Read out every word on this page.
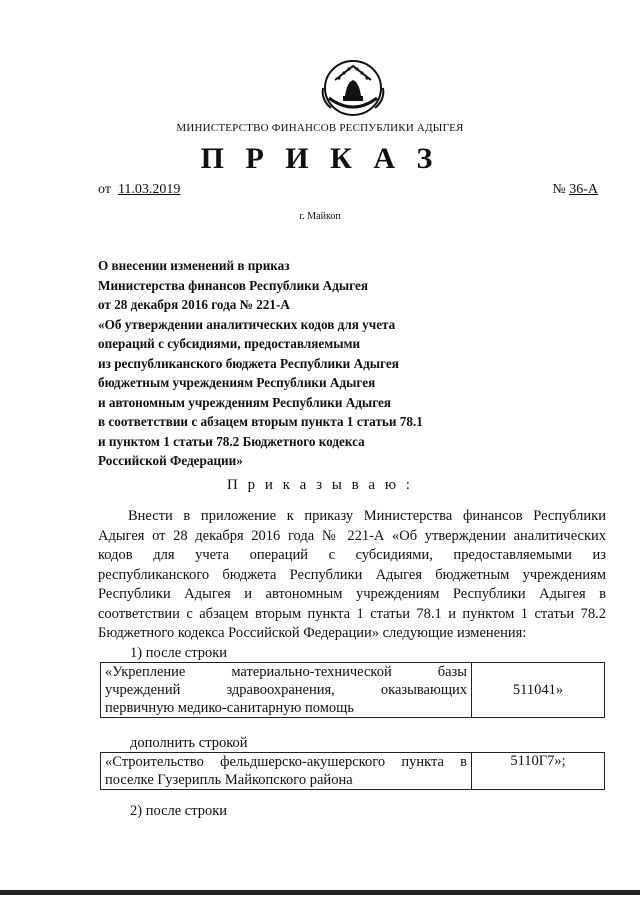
МИНИСТЕРСТВО ФИНАНСОВ РЕСПУБЛИКИ АДЫГЕЯ
П Р И К А З
от 11.03.2019	№ 36-А
г. Майкоп
О внесении изменений в приказ
Министерства финансов Республики Адыгея
от 28 декабря 2016 года № 221-А
«Об утверждении аналитических кодов для учета
операций с субсидиями, предоставляемыми
из республиканского бюджета Республики Адыгея
бюджетным учреждениям Республики Адыгея
и автономным учреждениям Республики Адыгея
в соответствии с абзацем вторым пункта 1 статьи 78.1
и пунктом 1 статьи 78.2 Бюджетного кодекса
Российской Федерации»
П р и к а з ы в а ю :
Внести в приложение к приказу Министерства финансов Республики
Адыгея от 28 декабря 2016 года № 221-А «Об утверждении аналитических
кодов для учета операций с субсидиями, предоставляемыми из
республиканского бюджета Республики Адыгея бюджетным учреждениям
Республики Адыгея и автономным учреждениям Республики Адыгея в
соответствии с абзацем вторым пункта 1 статьи 78.1 и пунктом 1 статьи 78.2
Бюджетного кодекса Российской Федерации» следующие изменения:
1) после строки
«Укрепление материально-технической базы
учреждений здравоохранения, оказывающих
первичную медико-санитарную помощь
	511041»
дополнить строкой
«Строительство фельдшерско-акушерского пункта в
поселке Гузерипль Майкопского района
	5110Г7»;
2) после строки
